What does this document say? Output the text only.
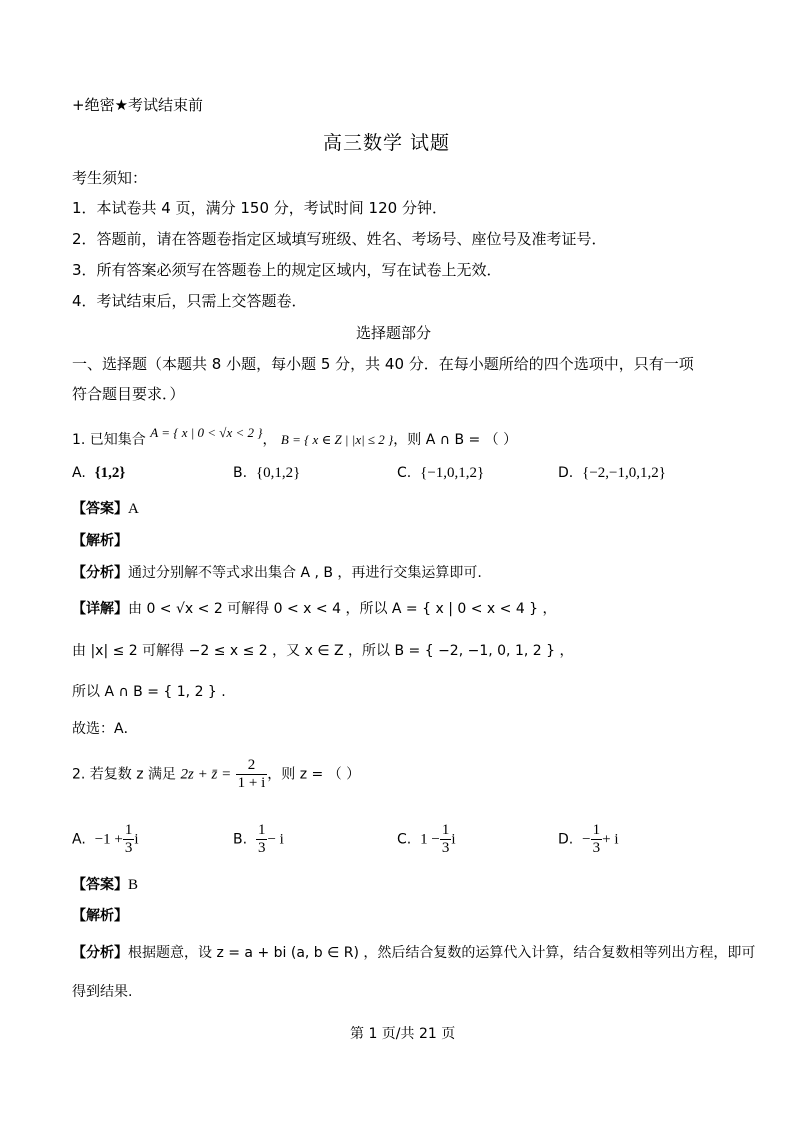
+绝密★考试结束前
高三数学 试题
考生须知：
1．本试卷共 4 页，满分 150 分，考试时间 120 分钟．
2．答题前，请在答题卷指定区域填写班级、姓名、考场号、座位号及准考证号．
3．所有答案必须写在答题卷上的规定区域内，写在试卷上无效．
4．考试结束后，只需上交答题卷．
选择题部分
一、选择题（本题共 8 小题，每小题 5 分，共 40 分．在每小题所给的四个选项中，只有一项
符合题目要求．）
1. 已知集合 A = { x | 0 < √x < 2 }， B = { x ∈ Z | |x| ≤ 2 }，则 A ∩ B = （ ）
A. {1,2}	B. {0,1,2}	C. {−1,0,1,2}	D. {−2,−1,0,1,2}
【答案】A
【解析】
【分析】通过分别解不等式求出集合 A , B ，再进行交集运算即可.
【详解】由 0 < √x < 2 可解得 0 < x < 4 ，所以 A = { x | 0 < x < 4 } ，
由 |x| ≤ 2 可解得 −2 ≤ x ≤ 2 ，又 x ∈ Z ，所以 B = { −2, −1, 0, 1, 2 } ，
所以 A ∩ B = { 1, 2 } .
故选：A．
2. 若复数 z 满足 2z + z̄ = $\frac{2}{1 + i}$ ，则 z = （ ）
A. $-1 + \frac{1}{3}$ i	B. $\frac{1}{3} - i$	C. $1 - \frac{1}{3}$ i	D. − $\frac{1}{3} + i$
【答案】B
【解析】
【分析】根据题意，设 z = a + bi (a, b ∈ R) ，然后结合复数的运算代入计算，结合复数相等列出方程，即可
得到结果.
第 1 页/共 21 页
